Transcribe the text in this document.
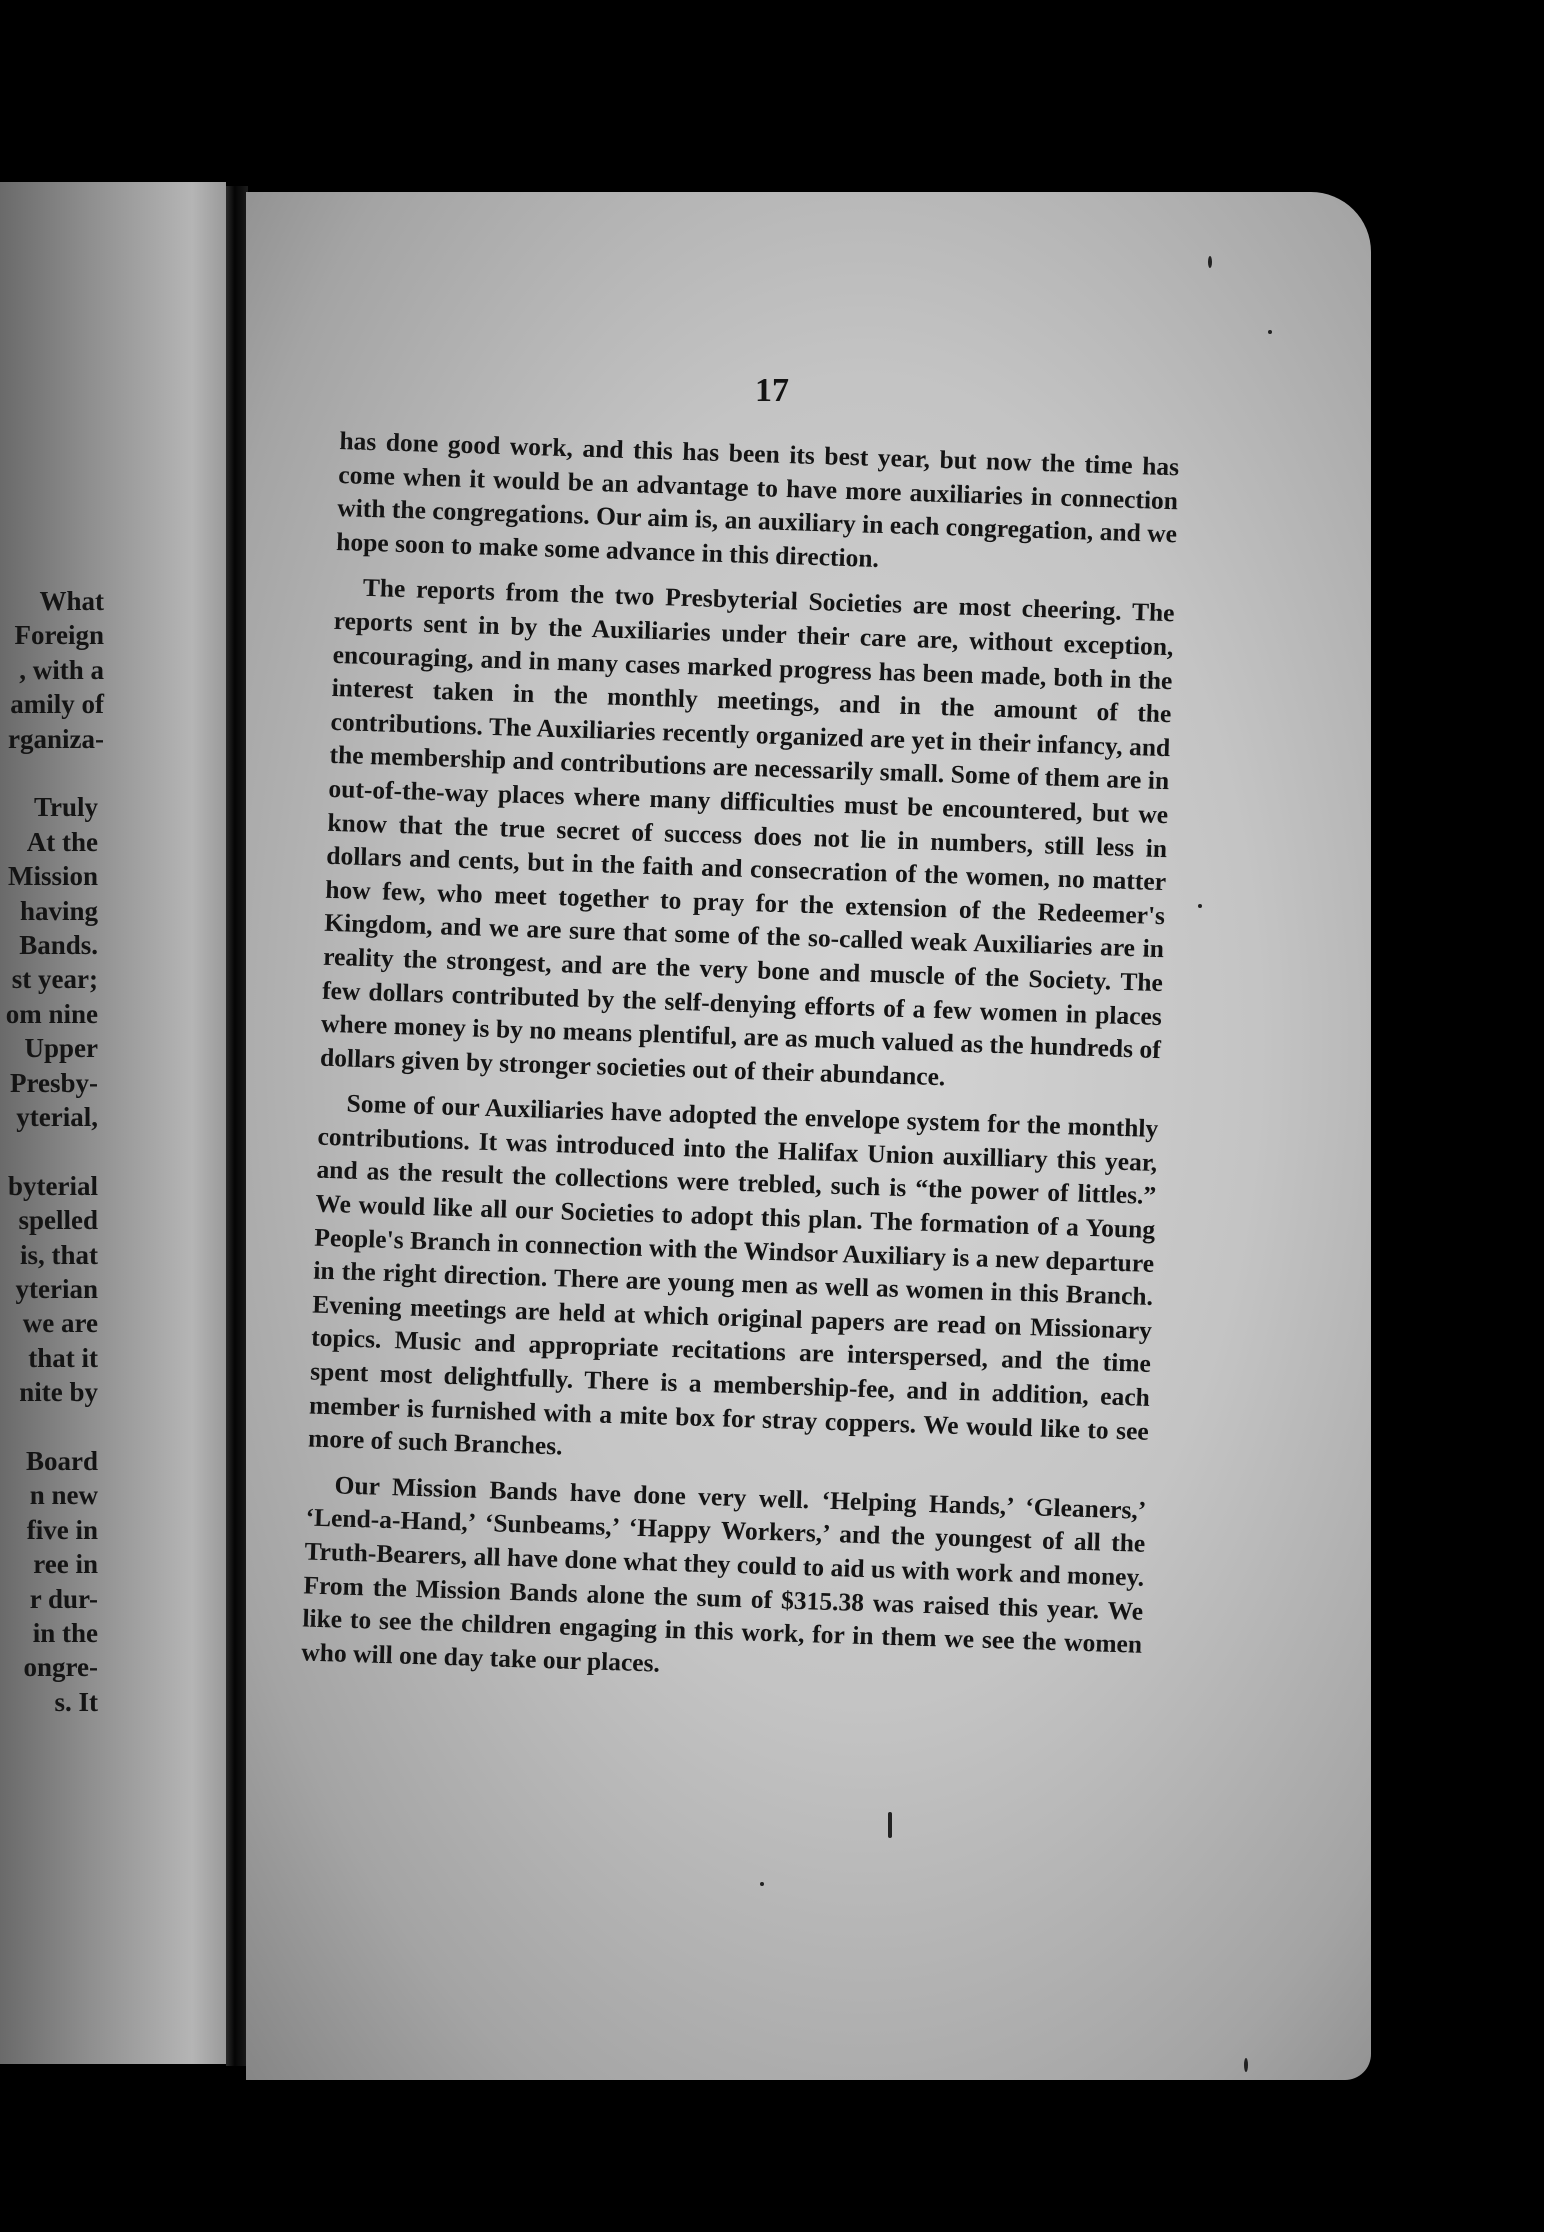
What
Foreign
, with a
amily of
rganiza-
Truly
At the
Mission
having
Bands.
st year;
om nine
Upper
Presby-
yterial,
byterial
spelled
is, that
yterian
we are
that it
nite by
Board
n new
five in
ree in
r dur-
in the
ongre-
s. It
17

has done good work, and this has been its best year, but now the time has come when it would be an advantage to have more auxiliaries in connection with the congregations. Our aim is, an auxiliary in each congregation, and we hope soon to make some advance in this direction.

The reports from the two Presbyterial Societies are most cheering. The reports sent in by the Auxiliaries under their care are, without exception, encouraging, and in many cases marked progress has been made, both in the interest taken in the monthly meetings, and in the amount of the contributions. The Auxiliaries recently organized are yet in their infancy, and the membership and contributions are necessarily small. Some of them are in out-of-the-way places where many difficulties must be encountered, but we know that the true secret of success does not lie in numbers, still less in dollars and cents, but in the faith and consecration of the women, no matter how few, who meet together to pray for the extension of the Redeemer's Kingdom, and we are sure that some of the so-called weak Auxiliaries are in reality the strongest, and are the very bone and muscle of the Society. The few dollars contributed by the self-denying efforts of a few women in places where money is by no means plentiful, are as much valued as the hundreds of dollars given by stronger societies out of their abundance.

Some of our Auxiliaries have adopted the envelope system for the monthly contributions. It was introduced into the Halifax Union auxilliary this year, and as the result the collections were trebled, such is “the power of littles.” We would like all our Societies to adopt this plan. The formation of a Young People's Branch in connection with the Windsor Auxiliary is a new departure in the right direction. There are young men as well as women in this Branch. Evening meetings are held at which original papers are read on Missionary topics. Music and appropriate recitations are interspersed, and the time spent most delightfully. There is a membership-fee, and in addition, each member is furnished with a mite box for stray coppers. We would like to see more of such Branches.

Our Mission Bands have done very well. ‘Helping Hands,’ ‘Gleaners,’ ‘Lend-a-Hand,’ ‘Sunbeams,’ ‘Happy Workers,’ and the youngest of all the Truth-Bearers, all have done what they could to aid us with work and money. From the Mission Bands alone the sum of $315.38 was raised this year. We like to see the children engaging in this work, for in them we see the women who will one day take our places.
